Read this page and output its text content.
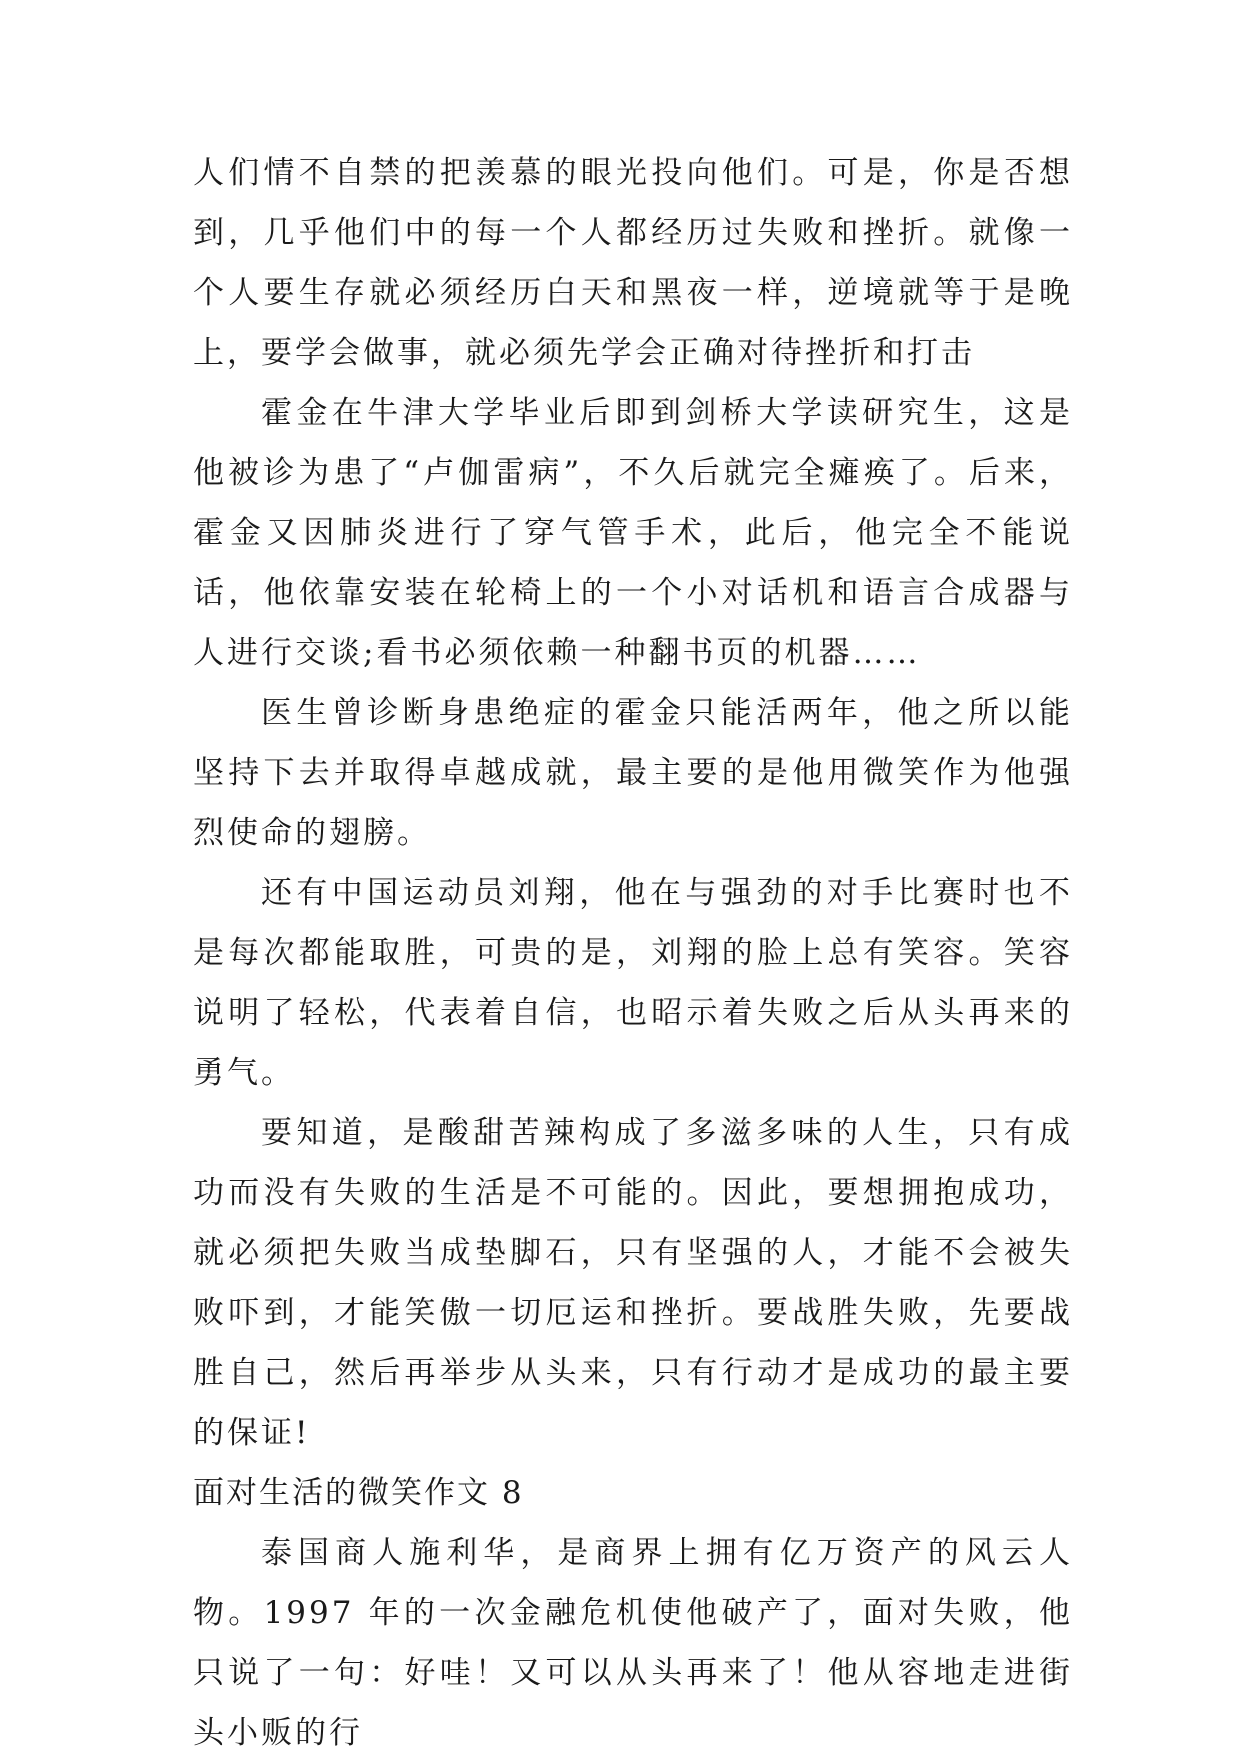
人们情不自禁的把羡慕的眼光投向他们。可是，你是否想到，几乎他们中的每一个人都经历过失败和挫折。就像一个人要生存就必须经历白天和黑夜一样，逆境就等于是晚上，要学会做事，就必须先学会正确对待挫折和打击

霍金在牛津大学毕业后即到剑桥大学读研究生，这是他被诊为患了“卢伽雷病”，不久后就完全瘫痪了。后来，霍金又因肺炎进行了穿气管手术，此后，他完全不能说话，他依靠安装在轮椅上的一个小对话机和语言合成器与人进行交谈;看书必须依赖一种翻书页的机器……

医生曾诊断身患绝症的霍金只能活两年，他之所以能坚持下去并取得卓越成就，最主要的是他用微笑作为他强烈使命的翅膀。

还有中国运动员刘翔，他在与强劲的对手比赛时也不是每次都能取胜，可贵的是，刘翔的脸上总有笑容。笑容说明了轻松，代表着自信，也昭示着失败之后从头再来的勇气。

要知道，是酸甜苦辣构成了多滋多味的人生，只有成功而没有失败的生活是不可能的。因此，要想拥抱成功，就必须把失败当成垫脚石，只有坚强的人，才能不会被失败吓到，才能笑傲一切厄运和挫折。要战胜失败，先要战胜自己，然后再举步从头来，只有行动才是成功的最主要的保证!

面对生活的微笑作文 8

泰国商人施利华，是商界上拥有亿万资产的风云人物。1997 年的一次金融危机使他破产了，面对失败，他只说了一句：好哇！又可以从头再来了！他从容地走进街头小贩的行
